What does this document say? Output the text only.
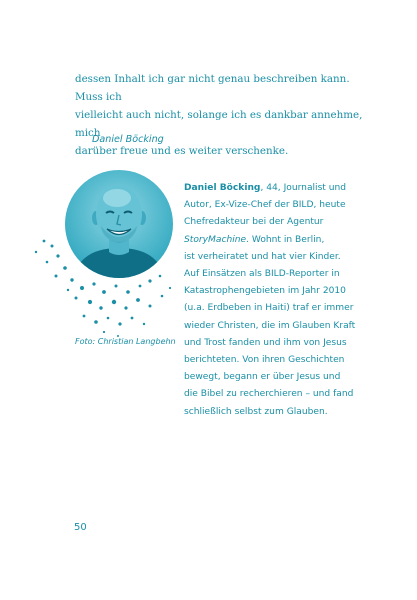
dessen Inhalt ich gar nicht genau beschreiben kann. Muss ich
vielleicht auch nicht, solange ich es dankbar annehme, mich
darüber freue und es weiter verschenke.

Daniel Böcking

Foto: Christian Langbehn

Daniel Böcking, 44, Journalist und
Autor, Ex-Vize-Chef der BILD, heute
Chefredakteur bei der Agentur
StoryMachine. Wohnt in Berlin,
ist verheiratet und hat vier Kinder.
Auf Einsätzen als BILD-Reporter in
Katastrophengebieten im Jahr 2010
(u.a. Erdbeben in Haiti) traf er immer
wieder Christen, die im Glauben Kraft
und Trost fanden und ihm von Jesus
berichteten. Von ihren Geschichten
bewegt, begann er über Jesus und
die Bibel zu recherchieren – und fand
schließlich selbst zum Glauben.

50
